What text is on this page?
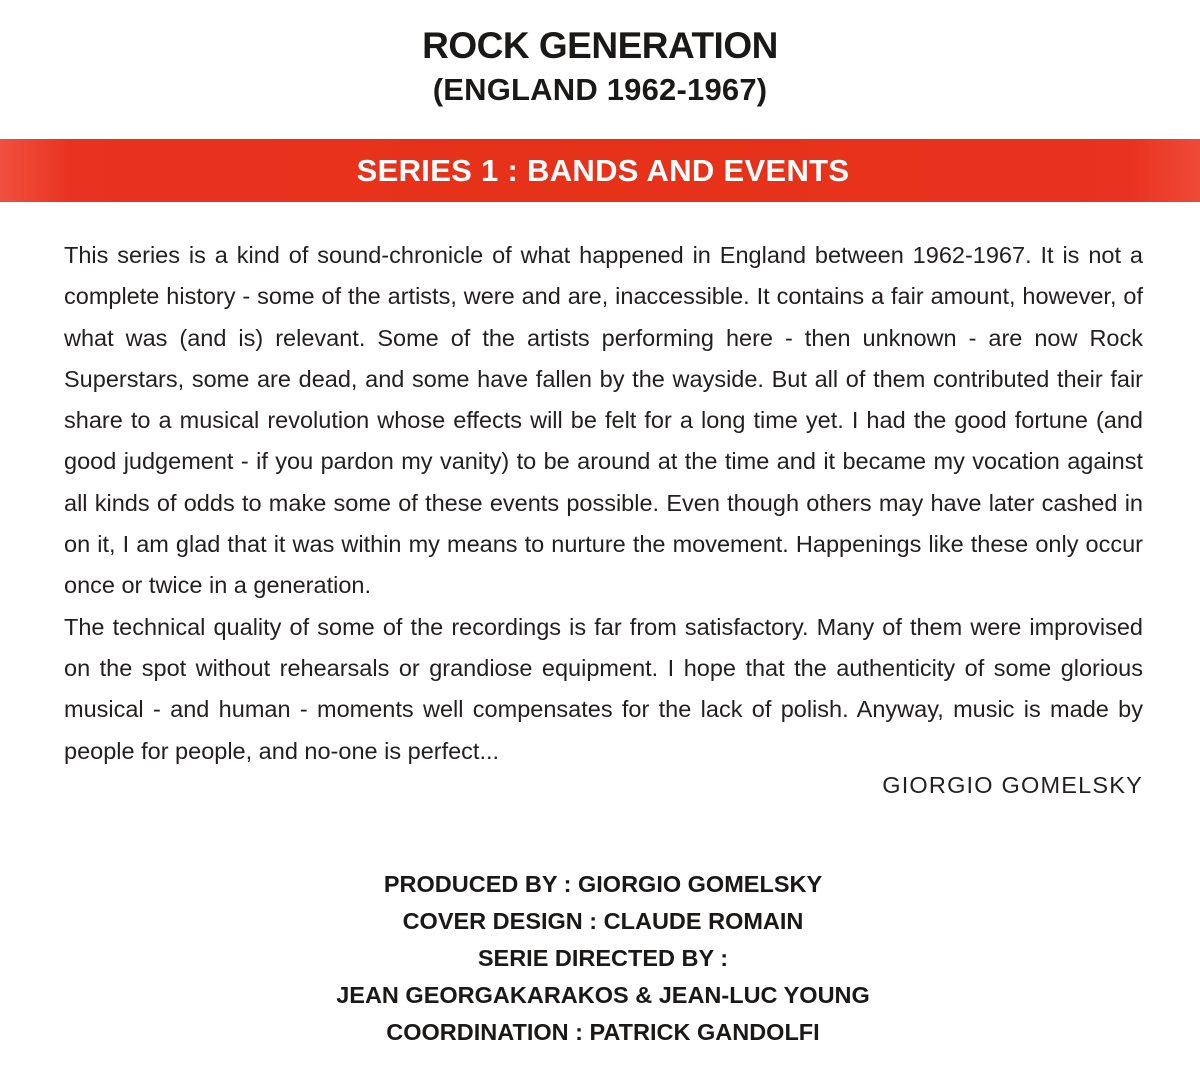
ROCK GENERATION
(ENGLAND 1962-1967)
SERIES 1 : BANDS AND EVENTS

This series is a kind of sound-chronicle of what happened in England between 1962-1967. It is not a complete history - some of the artists, were and are, inaccessible. It contains a fair amount, however, of what was (and is) relevant. Some of the artists performing here - then unknown - are now Rock Superstars, some are dead, and some have fallen by the wayside. But all of them contributed their fair share to a musical revolution whose effects will be felt for a long time yet. I had the good fortune (and good judgement - if you pardon my vanity) to be around at the time and it became my vocation against all kinds of odds to make some of these events possible. Even though others may have later cashed in on it, I am glad that it was within my means to nurture the movement. Happenings like these only occur once or twice in a generation.

The technical quality of some of the recordings is far from satisfactory. Many of them were improvised on the spot without rehearsals or grandiose equipment. I hope that the authenticity of some glorious musical - and human - moments well compensates for the lack of polish. Anyway, music is made by people for people, and no-one is perfect...

GIORGIO GOMELSKY
PRODUCED BY : GIORGIO GOMELSKY
COVER DESIGN : CLAUDE ROMAIN
SERIE DIRECTED BY :
JEAN GEORGAKARAKOS & JEAN-LUC YOUNG
COORDINATION : PATRICK GANDOLFI
